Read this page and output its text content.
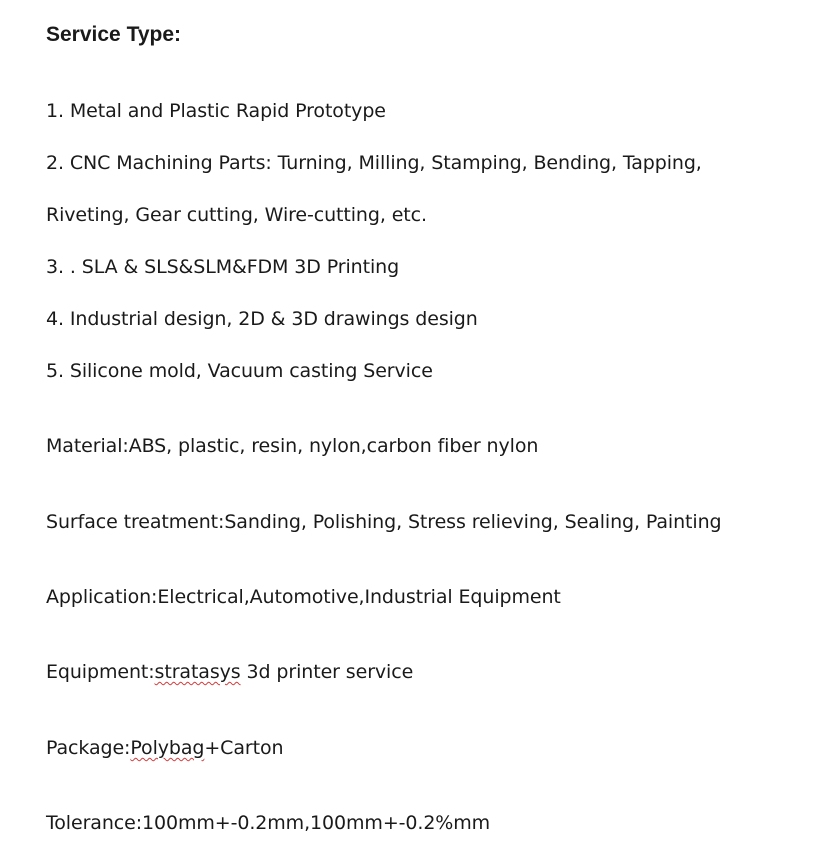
Service Type:
1. Metal and Plastic Rapid Prototype
2. CNC Machining Parts: Turning, Milling, Stamping, Bending, Tapping,
Riveting, Gear cutting, Wire-cutting, etc.
3. . SLA & SLS&SLM&FDM 3D Printing
4. Industrial design, 2D & 3D drawings design
5. Silicone mold, Vacuum casting Service
Material:ABS, plastic, resin, nylon,carbon fiber nylon
Surface treatment:Sanding, Polishing, Stress relieving, Sealing, Painting
Application:Electrical,Automotive,Industrial Equipment
Equipment:stratasys 3d printer service
Package:Polybag+Carton
Tolerance:100mm+-0.2mm,100mm+-0.2%mm
